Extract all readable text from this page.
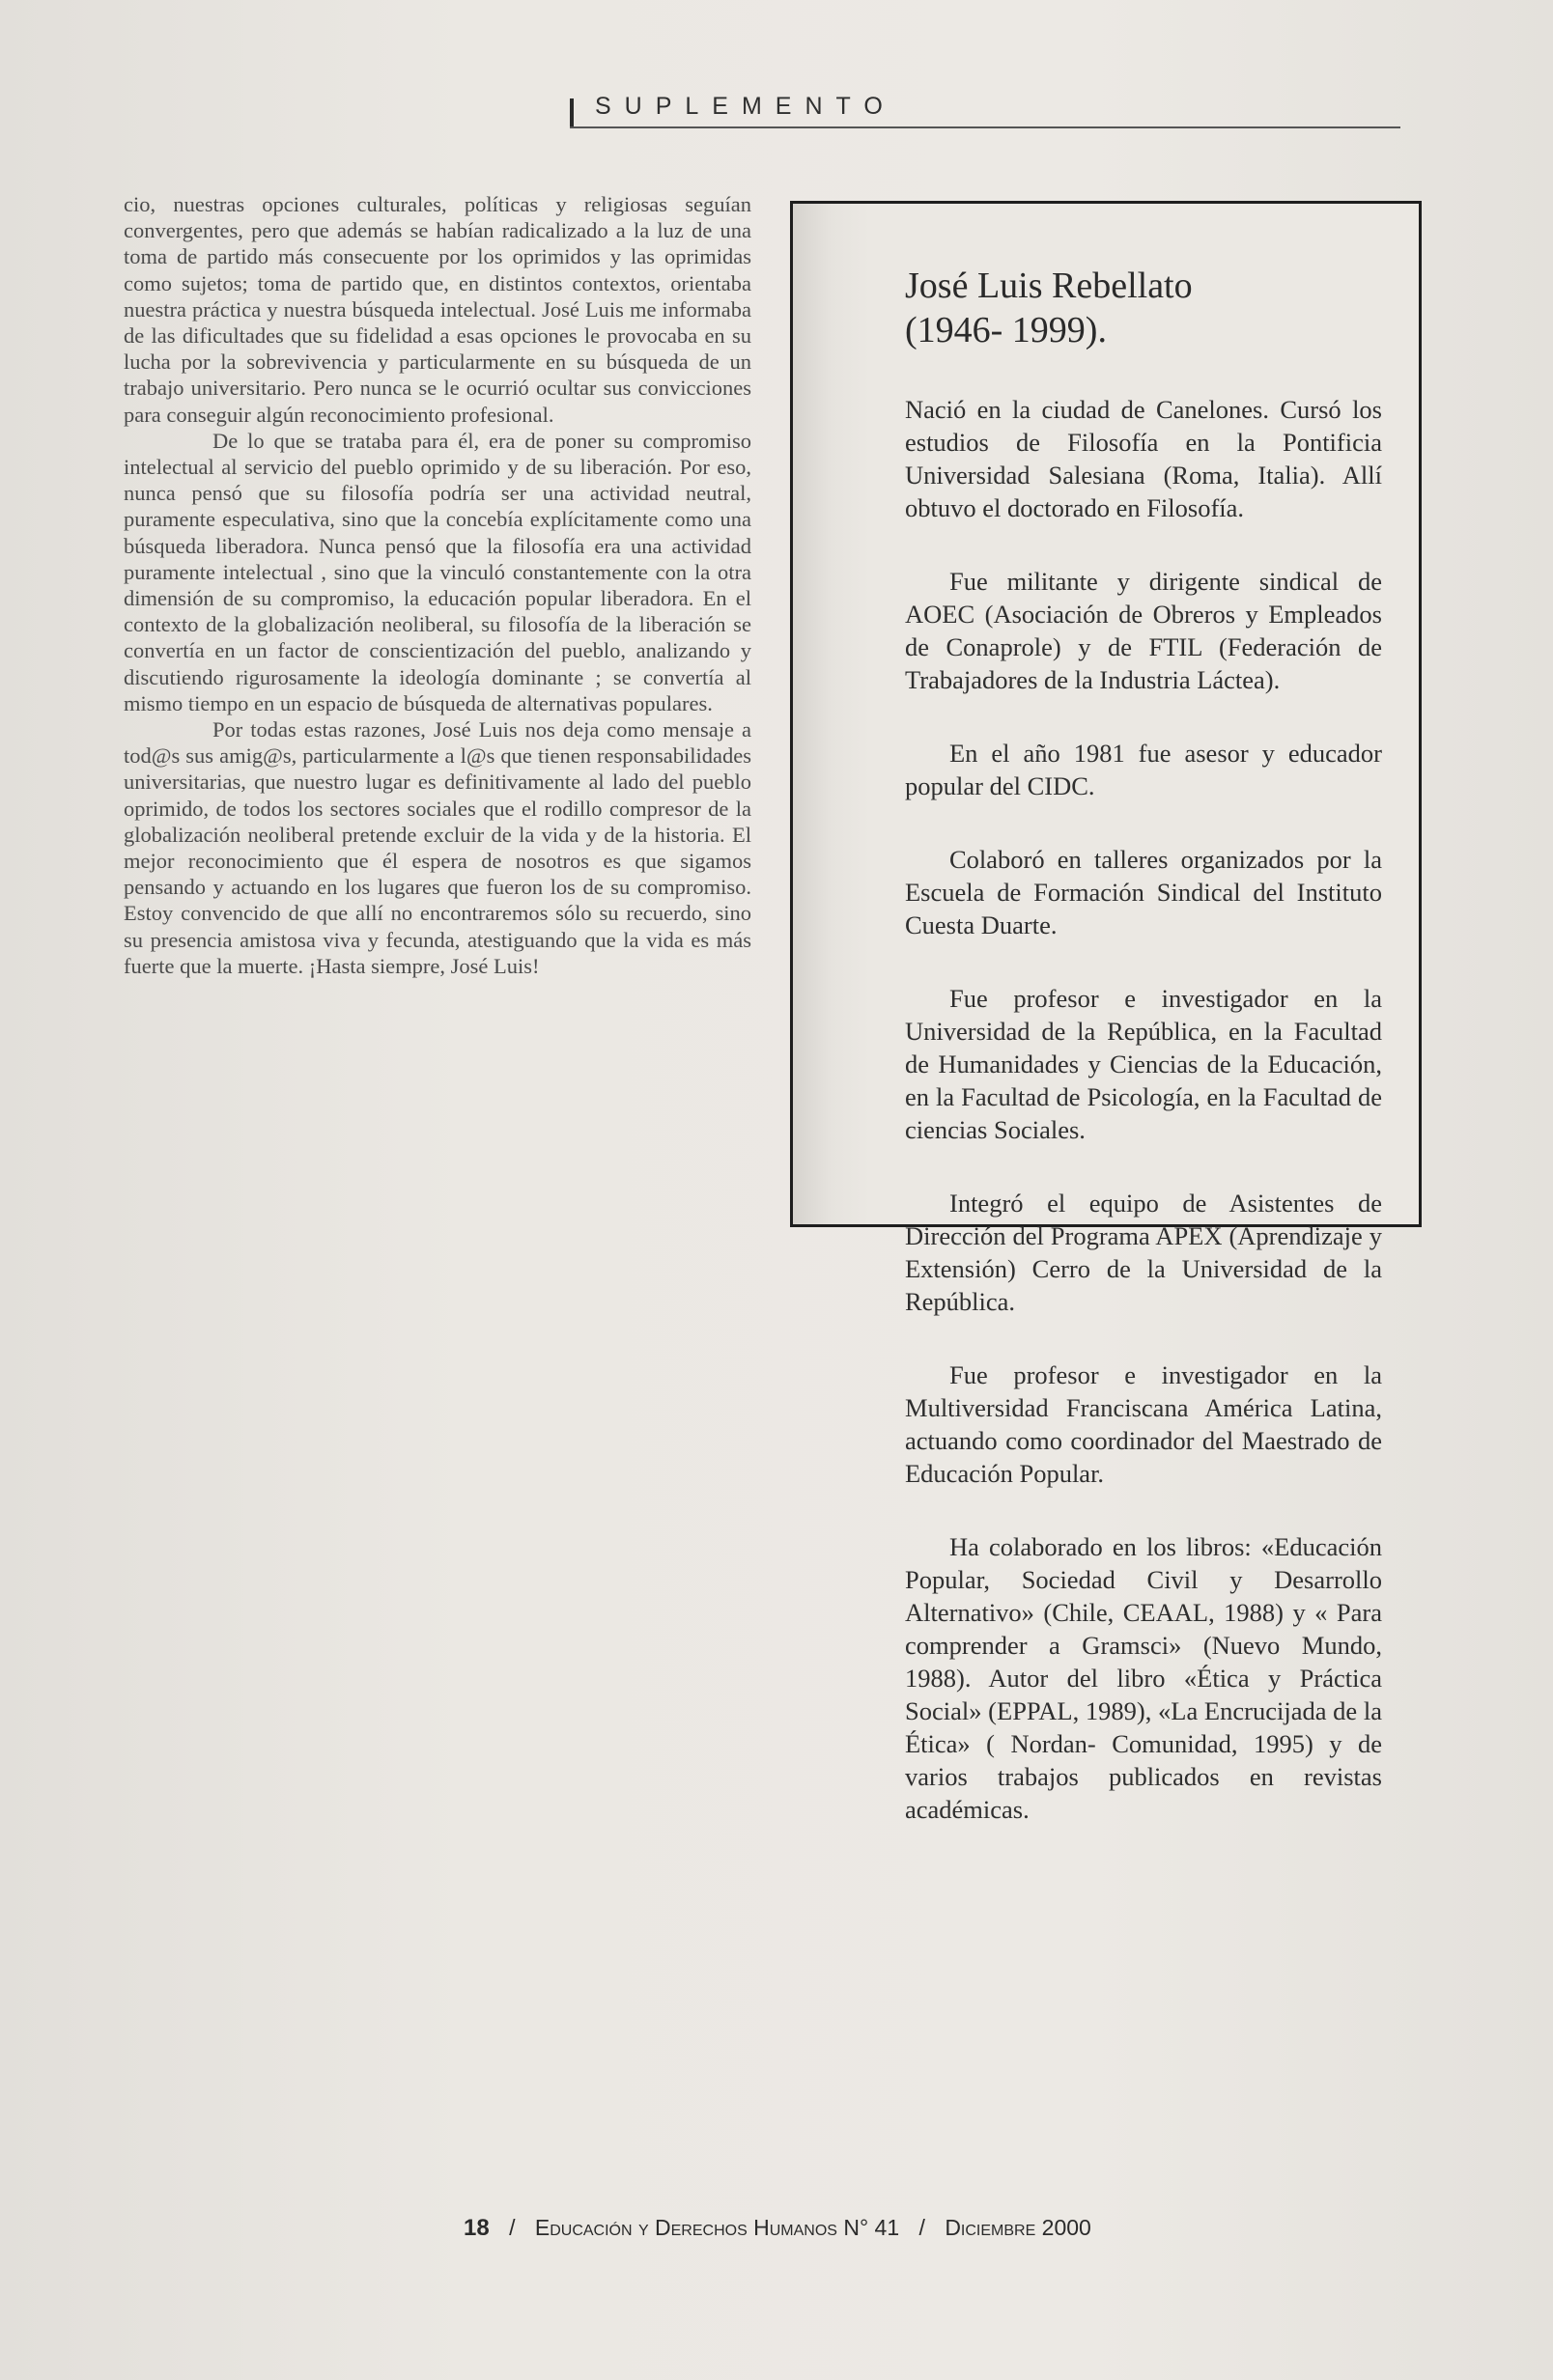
SUPLEMENTO

cio, nuestras opciones culturales, políticas y religiosas seguían convergentes, pero que además se habían radicalizado a la luz de una toma de partido más consecuente por los oprimidos y las oprimidas como sujetos; toma de partido que, en distintos contextos, orientaba nuestra práctica y nuestra búsqueda intelectual. José Luis me informaba de las dificultades que su fidelidad a esas opciones le provocaba en su lucha por la sobrevivencia y particularmente en su búsqueda de un trabajo universitario. Pero nunca se le ocurrió ocultar sus convicciones para conseguir algún reconocimiento profesional.

De lo que se trataba para él, era de poner su compromiso intelectual al servicio del pueblo oprimido y de su liberación. Por eso, nunca pensó que su filosofía podría ser una actividad neutral, puramente especulativa, sino que la concebía explícitamente como una búsqueda liberadora. Nunca pensó que la filosofía era una actividad puramente intelectual , sino que la vinculó constantemente con la otra dimensión de su compromiso, la educación popular liberadora. En el contexto de la globalización neoliberal, su filosofía de la liberación se convertía en un factor de conscientización del pueblo, analizando y discutiendo rigurosamente la ideología dominante ; se convertía al mismo tiempo en un espacio de búsqueda de alternativas populares.

Por todas estas razones, José Luis nos deja como mensaje a tod@s sus amig@s, particularmente a l@s que tienen responsabilidades universitarias, que nuestro lugar es definitivamente al lado del pueblo oprimido, de todos los sectores sociales que el rodillo compresor de la globalización neoliberal pretende excluir de la vida y de la historia. El mejor reconocimiento que él espera de nosotros es que sigamos pensando y actuando en los lugares que fueron los de su compromiso. Estoy convencido de que allí no encontraremos sólo su recuerdo, sino su presencia amistosa viva y fecunda, atestiguando que la vida es más fuerte que la muerte. ¡Hasta siempre, José Luis!

José Luis Rebellato
(1946- 1999).

Nació en la ciudad de Canelones. Cursó los estudios de Filosofía en la Pontificia Universidad Salesiana (Roma, Italia). Allí obtuvo el doctorado en Filosofía.

Fue militante y dirigente sindical de AOEC (Asociación de Obreros y Empleados de Conaprole) y de FTIL (Federación de Trabajadores de la Industria Láctea).

En el año 1981 fue asesor y educador popular del CIDC.

Colaboró en talleres organizados por la Escuela de Formación Sindical del Instituto Cuesta Duarte.

Fue profesor e investigador en la Universidad de la República, en la Facultad de Humanidades y Ciencias de la Educación, en la Facultad de Psicología, en la Facultad de ciencias Sociales.

Integró el equipo de Asistentes de Dirección del Programa APEX (Aprendizaje y Extensión) Cerro de la Universidad de la República.

Fue profesor e investigador en la Multiversidad Franciscana América Latina, actuando como coordinador del Maestrado de Educación Popular.

Ha colaborado en los libros: «Educación Popular, Sociedad Civil y Desarrollo Alternativo» (Chile, CEAAL, 1988) y « Para comprender a Gramsci» (Nuevo Mundo, 1988). Autor del libro «Ética y Práctica Social» (EPPAL, 1989), «La Encrucijada de la Ética» ( Nordan- Comunidad, 1995) y de varios trabajos publicados en revistas académicas.

18 / Educación y Derechos Humanos N° 41 / Diciembre 2000
